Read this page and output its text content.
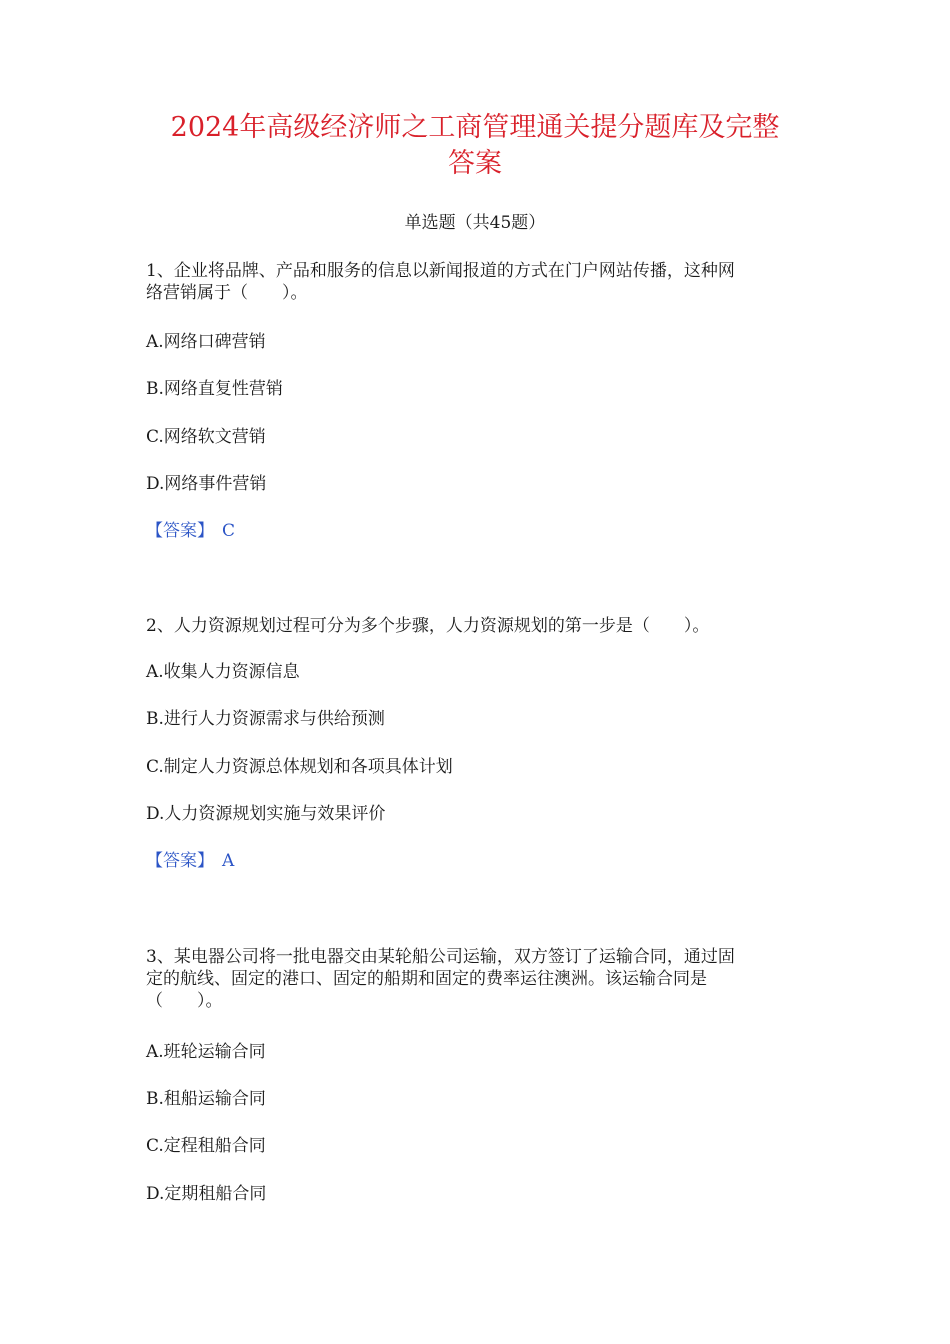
2024年高级经济师之工商管理通关提分题库及完整
答案
单选题（共45题）
1、企业将品牌、产品和服务的信息以新闻报道的方式在门户网站传播，这种网
络营销属于（　　）。
A.网络口碑营销
B.网络直复性营销
C.网络软文营销
D.网络事件营销
【答案】 C
2、人力资源规划过程可分为多个步骤，人力资源规划的第一步是（　　）。
A.收集人力资源信息
B.进行人力资源需求与供给预测
C.制定人力资源总体规划和各项具体计划
D.人力资源规划实施与效果评价
【答案】 A
3、某电器公司将一批电器交由某轮船公司运输，双方签订了运输合同，通过固
定的航线、固定的港口、固定的船期和固定的费率运往澳洲。该运输合同是
（　　）。
A.班轮运输合同
B.租船运输合同
C.定程租船合同
D.定期租船合同
